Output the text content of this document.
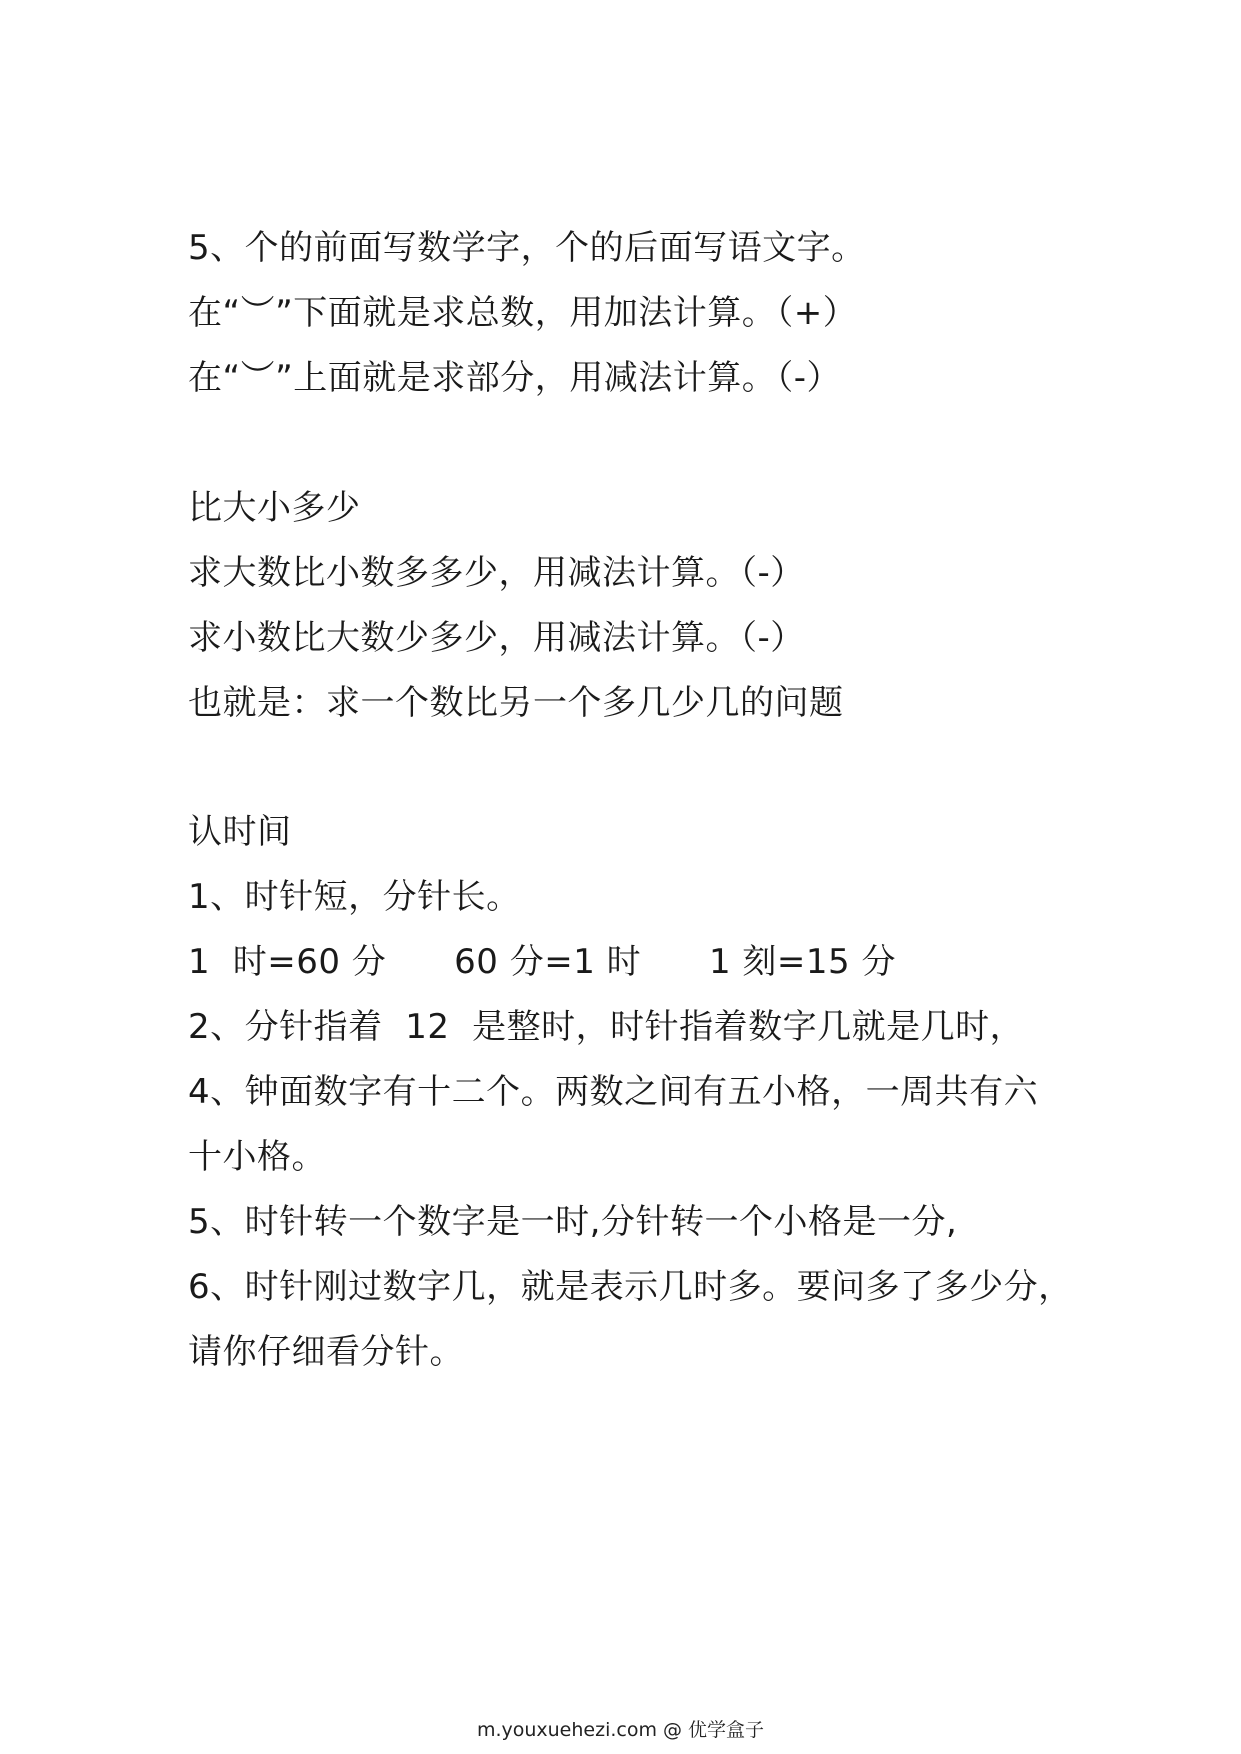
5、个的前面写数学字，个的后面写语文字。
在“︶”下面就是求总数，用加法计算。（+）
在“︶”上面就是求部分，用减法计算。（-）
比大小多少
求大数比小数多多少，用减法计算。（-）
求小数比大数少多少，用减法计算。（-）
也就是：求一个数比另一个多几少几的问题
认时间
1、时针短，分针长。
1  时=60 分      60 分=1 时      1 刻=15 分
2、分针指着  12  是整时，时针指着数字几就是几时，
4、钟面数字有十二个。两数之间有五小格，一周共有六
十小格。
5、时针转一个数字是一时,分针转一个小格是一分,
6、时针刚过数字几，就是表示几时多。要问多了多少分，
请你仔细看分针。
m.youxuehezi.com @ 优学盒子
